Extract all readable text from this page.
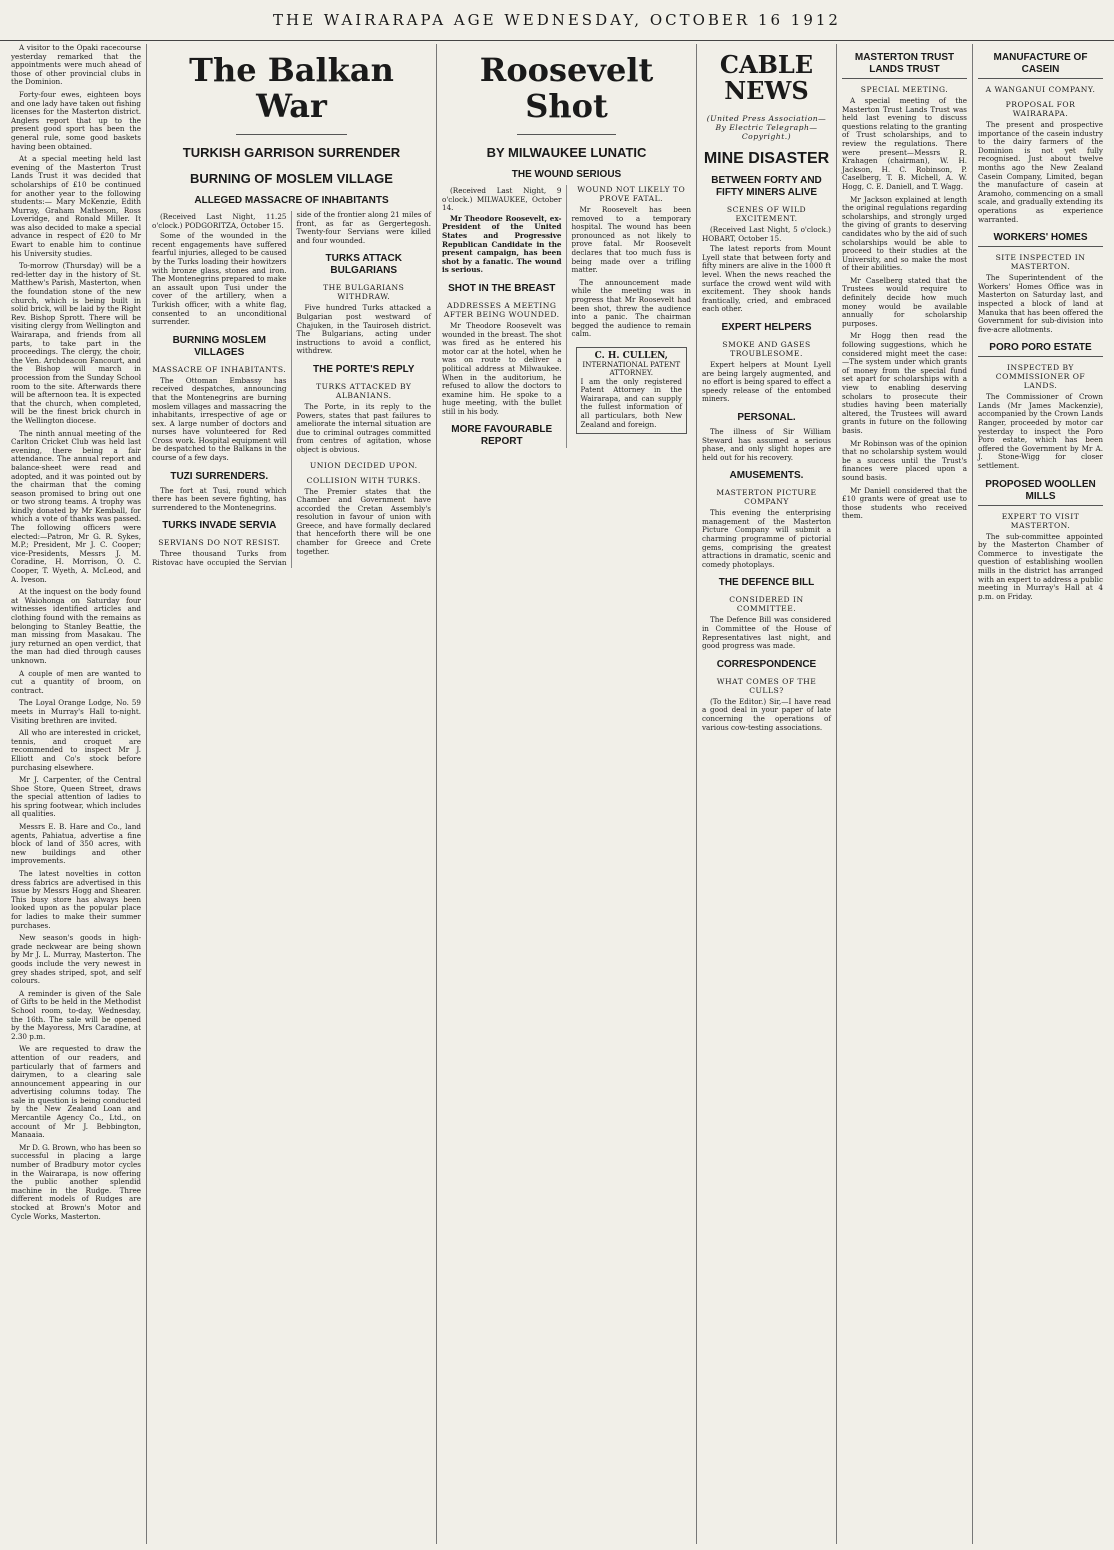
THE WAIRARAPA AGE WEDNESDAY, OCTOBER 16 1912

A visitor to the Opaki racecourse yesterday remarked that the appointments were much ahead of those of other provincial clubs in the Dominion.

Forty-four ewes, eighteen boys and one lady have taken out fishing licenses for the Masterton district. Anglers report that up to the present good sport has been the general rule, some good baskets having been obtained.

At a special meeting held last evening of the Masterton Trust Lands Trust it was decided that scholarships of £10 be continued for another year to the following students:— Mary McKenzie, Edith Murray, Graham Matheson, Ross Loveridge, and Ronald Miller. It was also decided to make a special advance in respect of £20 to Mr Ewart to enable him to continue his University studies.

To-morrow (Thursday) will be a red-letter day in the history of St. Matthew's Parish, Masterton, when the foundation stone of the new church, which is being built in solid brick, will be laid by the Right Rev. Bishop Sprott. There will be visiting clergy from Wellington and Wairarapa, and friends from all parts, to take part in the proceedings. The clergy, the choir, the Ven. Archdeacon Fancourt, and the Bishop will march in procession from the Sunday School room to the site. Afterwards there will be afternoon tea. It is expected that the church, when completed, will be the finest brick church in the Wellington diocese.

The ninth annual meeting of the Carlton Cricket Club was held last evening, there being a fair attendance. The annual report and balance-sheet were read and adopted, and it was pointed out by the chairman that the coming season promised to bring out one or two strong teams. A trophy was kindly donated by Mr Kemball, for which a vote of thanks was passed. The following officers were elected:—Patron, Mr G. R. Sykes, M.P.; President, Mr J. C. Cooper; vice-Presidents, Messrs J. M. Coradine, H. Morrison, O. C. Cooper, T. Wyeth, A. McLeod, and A. Iveson.

At the inquest on the body found at Waiohonga on Saturday four witnesses identified articles and clothing found with the remains as belonging to Stanley Beattie, the man missing from Masakau. The jury returned an open verdict, that the man had died through causes unknown.

A couple of men are wanted to cut a quantity of broom, on contract.

The Loyal Orange Lodge, No. 59 meets in Murray's Hall to-night. Visiting brethren are invited.

All who are interested in cricket, tennis, and croquet are recommended to inspect Mr J. Elliott and Co's stock before purchasing elsewhere.

Mr J. Carpenter, of the Central Shoe Store, Queen Street, draws the special attention of ladies to his spring footwear, which includes all qualities.

Messrs E. B. Hare and Co., land agents, Pahiatua, advertise a fine block of land of 350 acres, with new buildings and other improvements.

The latest novelties in cotton dress fabrics are advertised in this issue by Messrs Hogg and Shearer. This busy store has always been looked upon as the popular place for ladies to make their summer purchases.

New season's goods in high-grade neckwear are being shown by Mr J. L. Murray, Masterton. The goods include the very newest in grey shades striped, spot, and self colours.

A reminder is given of the Sale of Gifts to be held in the Methodist School room, to-day, Wednesday, the 16th. The sale will be opened by the Mayoress, Mrs Caradine, at 2.30 p.m.

We are requested to draw the attention of our readers, and particularly that of farmers and dairymen, to a clearing sale announcement appearing in our advertising columns today. The sale in question is being conducted by the New Zealand Loan and Mercantile Agency Co., Ltd., on account of Mr J. Bebbington, Manaaia.

Mr D. G. Brown, who has been so successful in placing a large number of Bradbury motor cycles in the Wairarapa, is now offering the public another splendid machine in the Rudge. Three different models of Rudges are stocked at Brown's Motor and Cycle Works, Masterton.

The Balkan War
TURKISH GARRISON SURRENDER
BURNING OF MOSLEM VILLAGE
ALLEGED MASSACRE OF INHABITANTS

(Received Last Night, 11.25 o'clock.) PODGORITZA, October 15.

Some of the wounded in the recent engagements have suffered fearful injuries, alleged to be caused by the Turks loading their howitzers with bronze glass, stones and iron. The Montenegrins prepared to make an assault upon Tusi under the cover of the artillery, when a Turkish officer, with a white flag, consented to an unconditional surrender.

BURNING MOSLEM VILLAGES
MASSACRE OF INHABITANTS.

The Ottoman Embassy has received despatches, announcing that the Montenegrins are burning moslem villages and massacring the inhabitants, irrespective of age or sex. A large number of doctors and nurses have volunteered for Red Cross work. Hospital equipment will be despatched to the Balkans in the course of a few days.

TUZI SURRENDERS.

The fort at Tusi, round which there has been severe fighting, has surrendered to the Montenegrins.

TURKS INVADE SERVIA
SERVIANS DO NOT RESIST.

Three thousand Turks from Ristovac have occupied the Servian side of the frontier along 21 miles of front, as far as Gergertegosh. Twenty-four Servians were killed and four wounded.

TURKS ATTACK BULGARIANS
THE BULGARIANS WITHDRAW.

Five hundred Turks attacked a Bulgarian post westward of Chajuken, in the Tauiroseh district. The Bulgarians, acting under instructions to avoid a conflict, withdrew.

THE PORTE'S REPLY
TURKS ATTACKED BY ALBANIANS.

The Porte, in its reply to the Powers, states that past failures to ameliorate the internal situation are due to criminal outrages committed from centres of agitation, whose object is obvious.

UNION DECIDED UPON.
COLLISION WITH TURKS.

The Premier states that the Chamber and Government have accorded the Cretan Assembly's resolution in favour of union with Greece, and have formally declared that henceforth there will be one chamber for Greece and Crete together.

Roosevelt Shot
BY MILWAUKEE LUNATIC
THE WOUND SERIOUS

(Received Last Night, 9 o'clock.) MILWAUKEE, October 14.

Mr Theodore Roosevelt, ex-President of the United States and Progressive Republican Candidate in the present campaign, has been shot by a fanatic. The wound is serious.

SHOT IN THE BREAST
ADDRESSES A MEETING AFTER BEING WOUNDED.

Mr Theodore Roosevelt was wounded in the breast. The shot was fired as he entered his motor car at the hotel, when he was on route to deliver a political address at Milwaukee. When in the auditorium, he refused to allow the doctors to examine him. He spoke to a huge meeting, with the bullet still in his body.

MORE FAVOURABLE REPORT
WOUND NOT LIKELY TO PROVE FATAL.

Mr Roosevelt has been removed to a temporary hospital. The wound has been pronounced as not likely to prove fatal. Mr Roosevelt declares that too much fuss is being made over a trifling matter.

The announcement made while the meeting was in progress that Mr Roosevelt had been shot, threw the audience into a panic. The chairman begged the audience to remain calm.

C. H. CULLEN,
INTERNATIONAL PATENT ATTORNEY.
I am the only registered Patent Attorney in the Wairarapa, and can supply the fullest information of all particulars, both New Zealand and foreign.
CABLE NEWS
(United Press Association—By Electric Telegraph—Copyright.)
MINE DISASTER
BETWEEN FORTY AND FIFTY MINERS ALIVE
SCENES OF WILD EXCITEMENT.

(Received Last Night, 5 o'clock.) HOBART, October 15.

The latest reports from Mount Lyell state that between forty and fifty miners are alive in the 1000 ft level. When the news reached the surface the crowd went wild with excitement. They shook hands frantically, cried, and embraced each other.

EXPERT HELPERS
SMOKE AND GASES TROUBLESOME.

Expert helpers at Mount Lyell are being largely augmented, and no effort is being spared to effect a speedy release of the entombed miners.

PERSONAL.

The illness of Sir William Steward has assumed a serious phase, and only slight hopes are held out for his recovery.

AMUSEMENTS.
MASTERTON PICTURE COMPANY

This evening the enterprising management of the Masterton Picture Company will submit a charming programme of pictorial gems, comprising the greatest attractions in dramatic, scenic and comedy photoplays.

THE DEFENCE BILL
CONSIDERED IN COMMITTEE.

The Defence Bill was considered in Committee of the House of Representatives last night, and good progress was made.

CORRESPONDENCE
WHAT COMES OF THE CULLS?

(To the Editor.) Sir,—I have read a good deal in your paper of late concerning the operations of various cow-testing associations.

MASTERTON TRUST LANDS TRUST
SPECIAL MEETING.

A special meeting of the Masterton Trust Lands Trust was held last evening to discuss questions relating to the granting of Trust scholarships, and to review the regulations. There were present—Messrs R. Krahagen (chairman), W. H. Jackson, H. C. Robinson, P. Caselberg, T. B. Michell, A. W. Hogg, C. E. Daniell, and T. Wagg.

Mr Jackson explained at length the original regulations regarding scholarships, and strongly urged the giving of grants to deserving candidates who by the aid of such scholarships would be able to proceed to their studies at the University, and so make the most of their abilities.

Mr Caselberg stated that the Trustees would require to definitely decide how much money would be available annually for scholarship purposes.

Mr Hogg then read the following suggestions, which he considered might meet the case:—The system under which grants of money from the special fund set apart for scholarships with a view to enabling deserving scholars to prosecute their studies having been materially altered, the Trustees will award grants in future on the following basis.

Mr Robinson was of the opinion that no scholarship system would be a success until the Trust's finances were placed upon a sound basis.

Mr Daniell considered that the £10 grants were of great use to those students who received them.

MANUFACTURE OF CASEIN
A WANGANUI COMPANY.
PROPOSAL FOR WAIRARAPA.

The present and prospective importance of the casein industry to the dairy farmers of the Dominion is not yet fully recognised. Just about twelve months ago the New Zealand Casein Company, Limited, began the manufacture of casein at Aramoho, commencing on a small scale, and gradually extending its operations as experience warranted.

WORKERS' HOMES
SITE INSPECTED IN MASTERTON.

The Superintendent of the Workers' Homes Office was in Masterton on Saturday last, and inspected a block of land at Manuka that has been offered the Government for sub-division into five-acre allotments.

PORO PORO ESTATE
INSPECTED BY COMMISSIONER OF LANDS.

The Commissioner of Crown Lands (Mr James Mackenzie), accompanied by the Crown Lands Ranger, proceeded by motor car yesterday to inspect the Poro Poro estate, which has been offered the Government by Mr A. J. Stone-Wigg for closer settlement.

PROPOSED WOOLLEN MILLS
EXPERT TO VISIT MASTERTON.

The sub-committee appointed by the Masterton Chamber of Commerce to investigate the question of establishing woollen mills in the district has arranged with an expert to address a public meeting in Murray's Hall at 4 p.m. on Friday.
